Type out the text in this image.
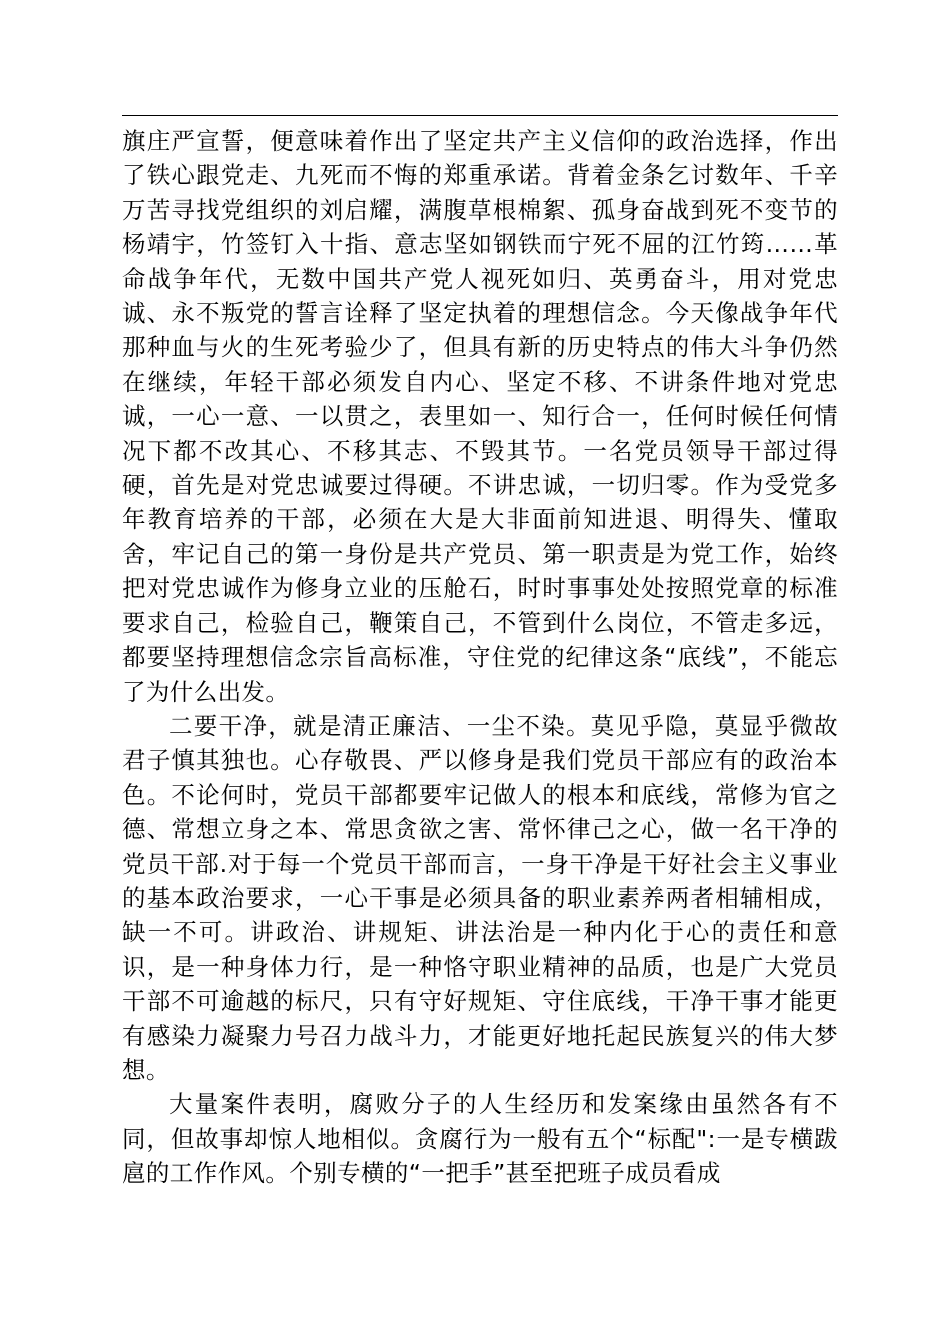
旗庄严宣誓，便意味着作出了坚定共产主义信仰的政治选择，作出了铁心跟党走、九死而不悔的郑重承诺。背着金条乞讨数年、千辛万苦寻找党组织的刘启耀，满腹草根棉絮、孤身奋战到死不变节的杨靖宇，竹签钉入十指、意志坚如钢铁而宁死不屈的江竹筠……革命战争年代，无数中国共产党人视死如归、英勇奋斗，用对党忠诚、永不叛党的誓言诠释了坚定执着的理想信念。今天像战争年代那种血与火的生死考验少了，但具有新的历史特点的伟大斗争仍然在继续，年轻干部必须发自内心、坚定不移、不讲条件地对党忠诚，一心一意、一以贯之，表里如一、知行合一，任何时候任何情况下都不改其心、不移其志、不毁其节。一名党员领导干部过得硬，首先是对党忠诚要过得硬。不讲忠诚，一切归零。作为受党多年教育培养的干部，必须在大是大非面前知进退、明得失、懂取舍，牢记自己的第一身份是共产党员、第一职责是为党工作，始终把对党忠诚作为修身立业的压舱石，时时事事处处按照党章的标准要求自己，检验自己，鞭策自己，不管到什么岗位，不管走多远，都要坚持理想信念宗旨高标准，守住党的纪律这条“底线”，不能忘了为什么出发。

二要干净，就是清正廉洁、一尘不染。莫见乎隐，莫显乎微故君子慎其独也。心存敬畏、严以修身是我们党员干部应有的政治本色。不论何时，党员干部都要牢记做人的根本和底线，常修为官之德、常想立身之本、常思贪欲之害、常怀律己之心，做一名干净的党员干部.对于每一个党员干部而言，一身干净是干好社会主义事业的基本政治要求，一心干事是必须具备的职业素养两者相辅相成，缺一不可。讲政治、讲规矩、讲法治是一种内化于心的责任和意识，是一种身体力行，是一种恪守职业精神的品质，也是广大党员干部不可逾越的标尺，只有守好规矩、守住底线，干净干事才能更有感染力凝聚力号召力战斗力，才能更好地托起民族复兴的伟大梦想。

大量案件表明，腐败分子的人生经历和发案缘由虽然各有不同，但故事却惊人地相似。贪腐行为一般有五个“标配":一是专横跋扈的工作作风。个别专横的“一把手”甚至把班子成员看成
